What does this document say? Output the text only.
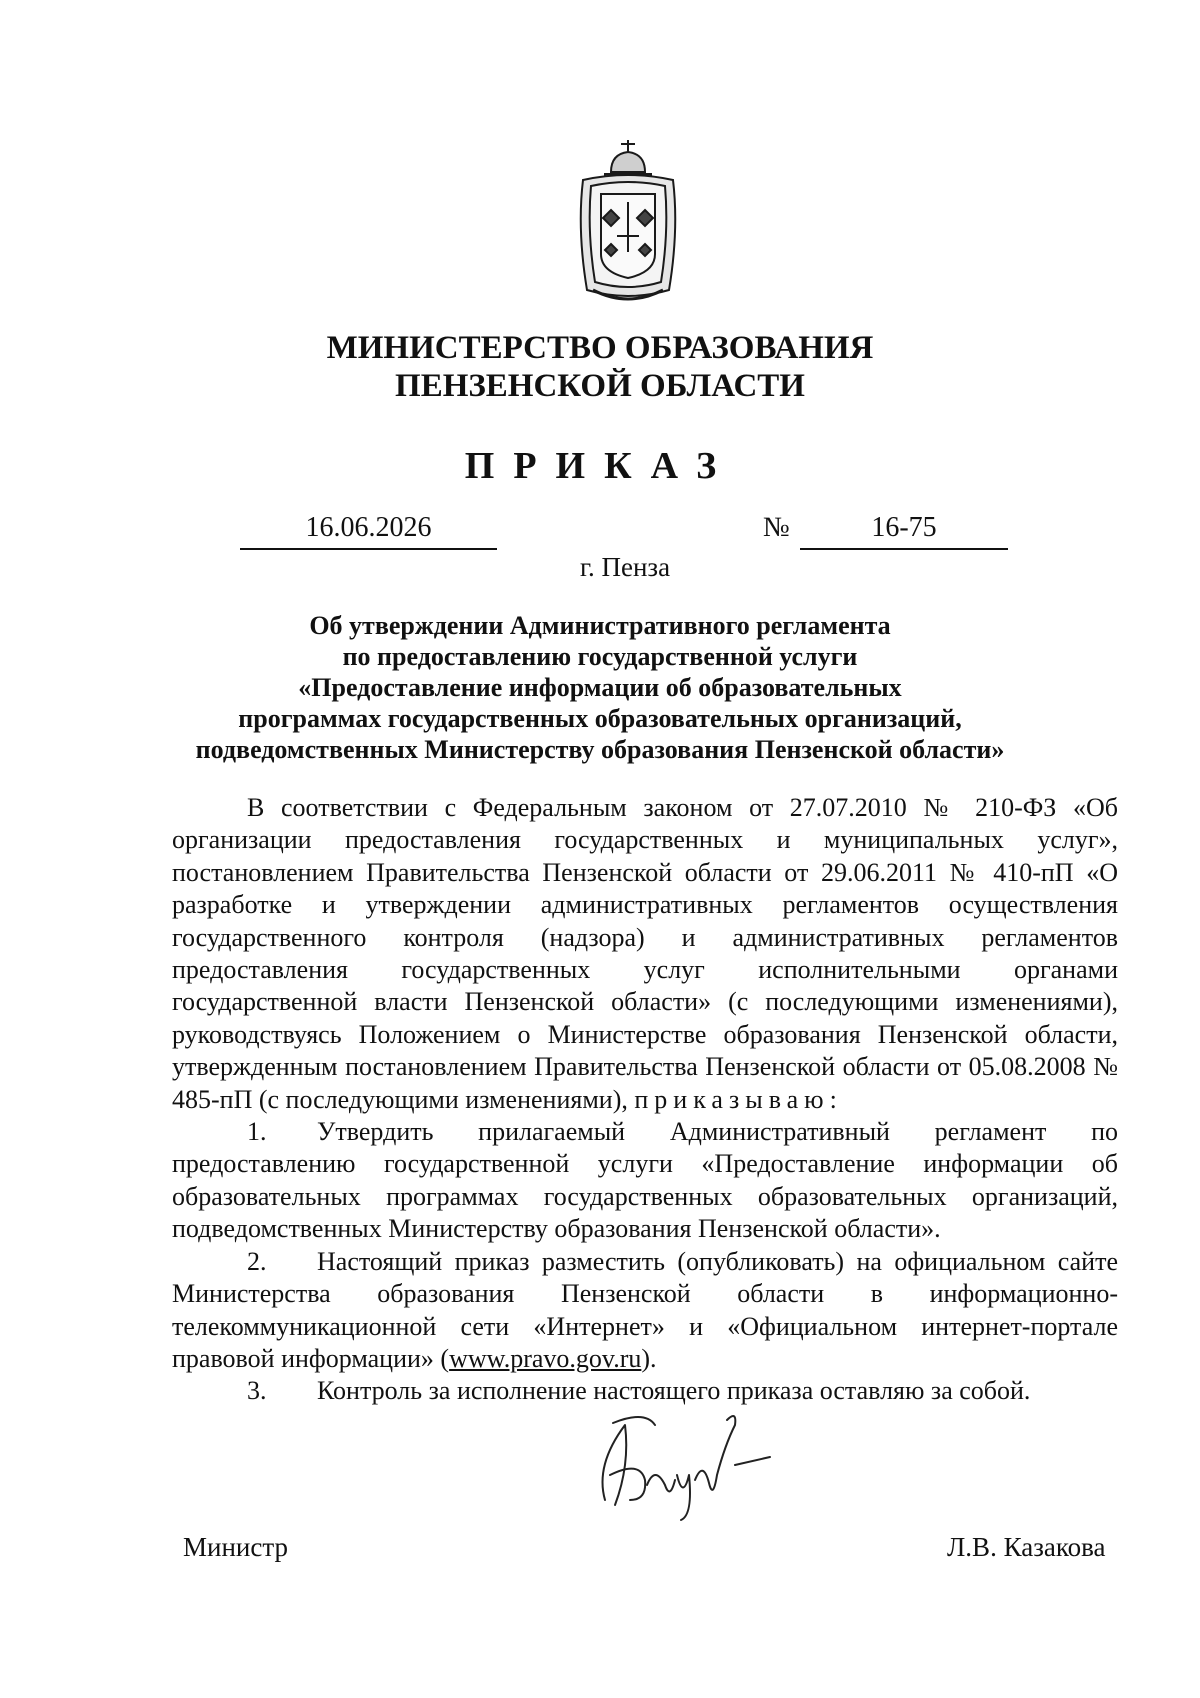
МИНИСТЕРСТВО ОБРАЗОВАНИЯ
ПЕНЗЕНСКОЙ ОБЛАСТИ
ПРИКАЗ
16.06.2026	№	16-75
г. Пенза
Об утверждении Административного регламента
по предоставлению государственной услуги
«Предоставление информации об образовательных
программах государственных образовательных организаций,
подведомственных Министерству образования Пензенской области»

В соответствии с Федеральным законом от 27.07.2010 № 210-ФЗ «Об организации предоставления государственных и муниципальных услуг», постановлением Правительства Пензенской области от 29.06.2011 № 410-пП «О разработке и утверждении административных регламентов осуществления государственного контроля (надзора) и административных регламентов предоставления государственных услуг исполнительными органами государственной власти Пензенской области» (с последующими изменениями), руководствуясь Положением о Министерстве образования Пензенской области, утвержденным постановлением Правительства Пензенской области от 05.08.2008 № 485-пП (с последующими изменениями), приказываю:

1. Утвердить прилагаемый Административный регламент по предоставлению государственной услуги «Предоставление информации об образовательных программах государственных образовательных организаций, подведомственных Министерству образования Пензенской области».

2. Настоящий приказ разместить (опубликовать) на официальном сайте Министерства образования Пензенской области в информационно-телекоммуникационной сети «Интернет» и «Официальном интернет-портале правовой информации» (www.pravo.gov.ru).

3. Контроль за исполнение настоящего приказа оставляю за собой.

Министр	Л.В. Казакова
